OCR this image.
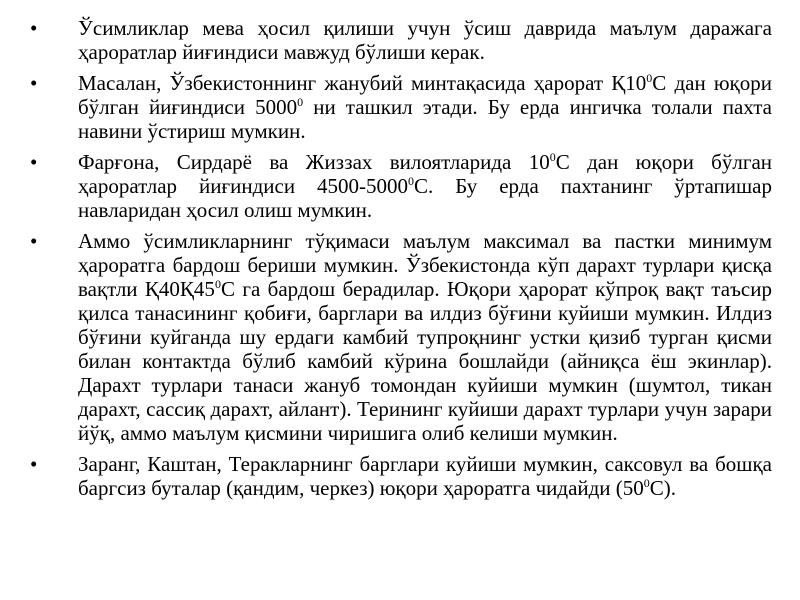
•	Ўсимликлар мева ҳосил қилиши учун ўсиш даврида маълум даражага ҳароратлар йиғиндиси мавжуд бўлиши керак.
•	Масалан, Ўзбекистоннинг жанубий минтақасида ҳарорат $Қ10^0С$ дан юқори бўлган йиғиндиси 5000$^0$ ни ташкил этади. Бу ерда ингичка толали пахта навини ўстириш мумкин.
•	Фарғона, Сирдарё ва Жиззах вилоятларида $10^0С$ дан юқори бўлган ҳароратлар йиғиндиси 4500-5000$^0$С. Бу ерда пахтанинг ўртапишар навларидан ҳосил олиш мумкин.
•	Аммо ўсимликларнинг тўқимаси маълум максимал ва пастки минимум ҳароратга бардош бериши мумкин. Ўзбекистонда кўп дарахт турлари қисқа вақтли $Қ40Қ45^0С$ га бардош берадилар. Юқори ҳарорат кўпроқ вақт таъсир қилса танасининг қобиғи, барглари ва илдиз бўғини куйиши мумкин. Илдиз бўғини куйганда шу ердаги камбий тупроқнинг устки қизиб турган қисми билан контактда бўлиб камбий кўрина бошлайди (айниқса ёш экинлар). Дарахт турлари танаси жануб томондан куйиши мумкин (шумтол, тикан дарахт, сассиқ дарахт, айлант). Терининг куйиши дарахт турлари учун зарари йўқ, аммо маълум қисмини чиришига олиб келиши мумкин.
•	Зaранг, Каштан, Теракларнинг барглари куйиши мумкин, саксовул ва бошқа баргсиз буталар (қандим, черкез) юқори ҳароратга чидайди $(50^0С)$.
